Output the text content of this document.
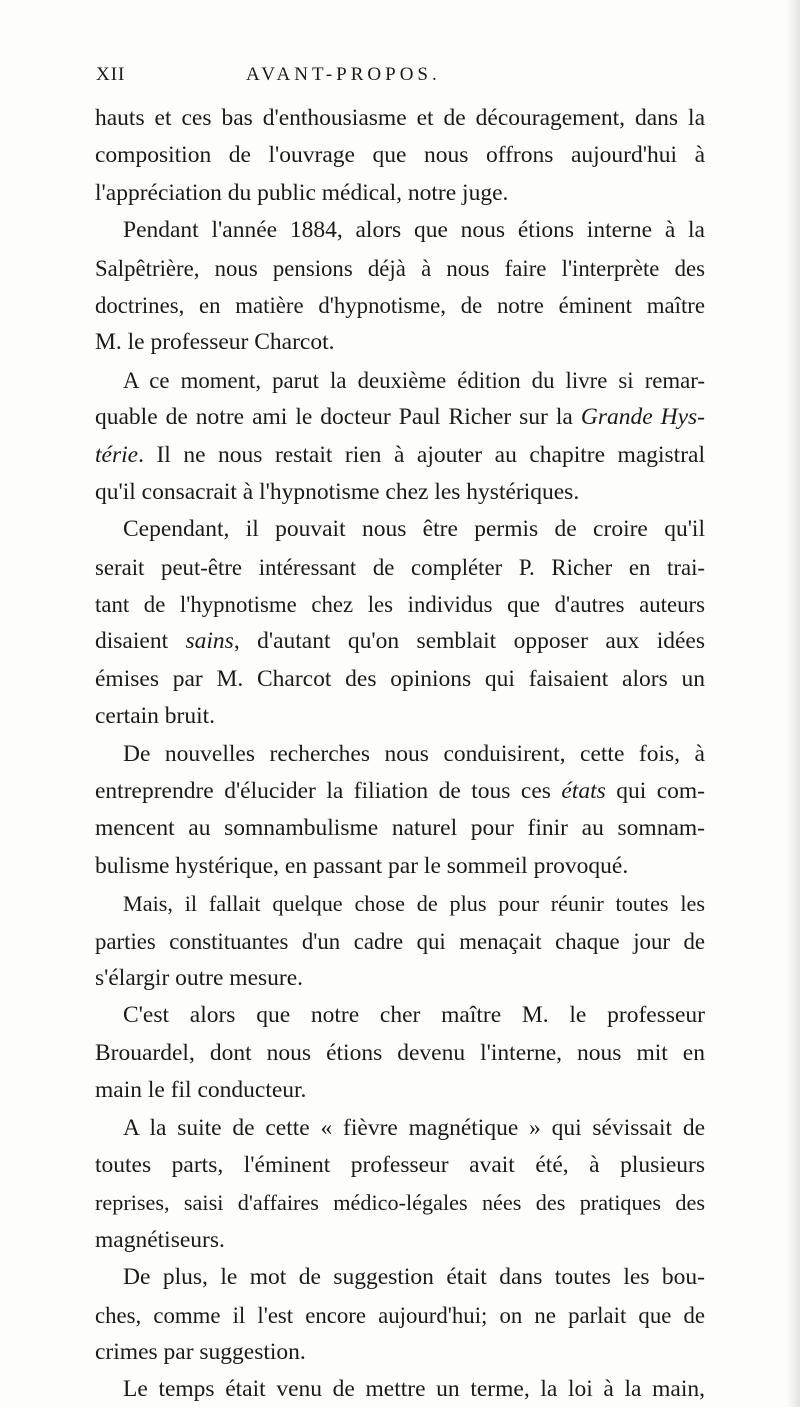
XII	AVANT-PROPOS.
hauts et ces bas d'enthousiasme et de découragement, dans la
composition de l'ouvrage que nous offrons aujourd'hui à
l'appréciation du public médical, notre juge.
Pendant l'année 1884, alors que nous étions interne à la
Salpêtrière, nous pensions déjà à nous faire l'interprète des
doctrines, en matière d'hypnotisme, de notre éminent maître
M. le professeur Charcot.
A ce moment, parut la deuxième édition du livre si remar-
quable de notre ami le docteur Paul Richer sur la Grande Hys-
térie. Il ne nous restait rien à ajouter au chapitre magistral
qu'il consacrait à l'hypnotisme chez les hystériques.
Cependant, il pouvait nous être permis de croire qu'il
serait peut-être intéressant de compléter P. Richer en trai-
tant de l'hypnotisme chez les individus que d'autres auteurs
disaient sains, d'autant qu'on semblait opposer aux idées
émises par M. Charcot des opinions qui faisaient alors un
certain bruit.
De nouvelles recherches nous conduisirent, cette fois, à
entreprendre d'élucider la filiation de tous ces états qui com-
mencent au somnambulisme naturel pour finir au somnam-
bulisme hystérique, en passant par le sommeil provoqué.
Mais, il fallait quelque chose de plus pour réunir toutes les
parties constituantes d'un cadre qui menaçait chaque jour de
s'élargir outre mesure.
C'est alors que notre cher maître M. le professeur
Brouardel, dont nous étions devenu l'interne, nous mit en
main le fil conducteur.
A la suite de cette « fièvre magnétique » qui sévissait de
toutes parts, l'éminent professeur avait été, à plusieurs
reprises, saisi d'affaires médico-légales nées des pratiques des
magnétiseurs.
De plus, le mot de suggestion était dans toutes les bou-
ches, comme il l'est encore aujourd'hui; on ne parlait que de
crimes par suggestion.
Le temps était venu de mettre un terme, la loi à la main,
